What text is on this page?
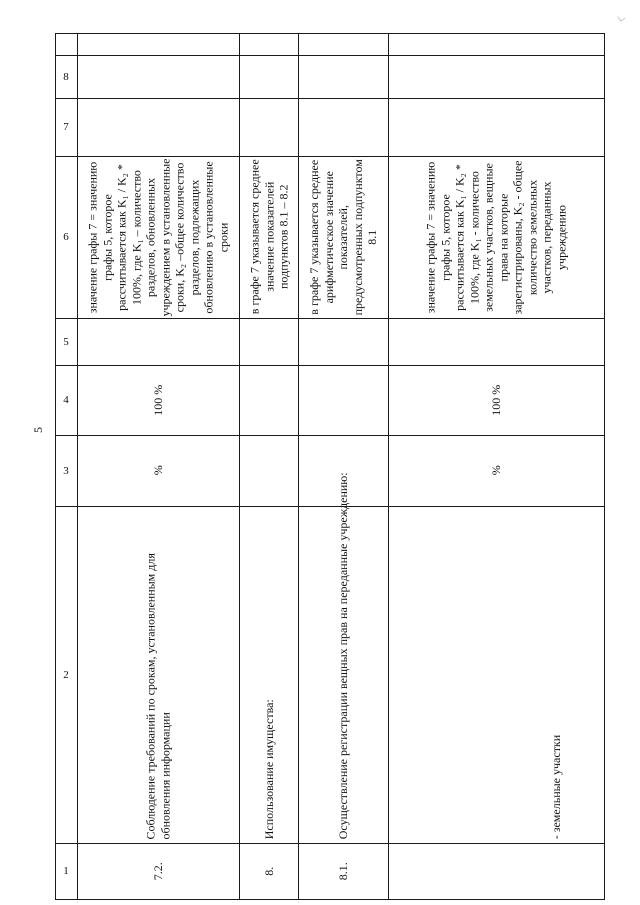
5
1
2
3
4
5
6
7
8
7.2.
Соблюдение требований по срокам, установленным для обновления информации
%
100 %
значение графы 7 = значению графы 5, которое рассчитывается как K₁ / K₂ * 100%, где K₁ – количество разделов, обновленных учреждением в установленные сроки, K₂ –общее количество разделов, подлежащих обновлению в установленные сроки
8.
Использование имущества:
в графе 7 указывается среднее значение показателей подпунктов 8.1 – 8.2
8.1.
Осуществление регистрации вещных прав на переданные учреждению:
в графе 7 указывается среднее арифметическое значение показателей, предусмотренных подпунктом 8.1
- земельные участки
%
100 %
значение графы 7 = значению графы 5, которое рассчитывается как K₁ / K₂ * 100%, где K₁ - количество земельных участков, вещные права на которые зарегистрированы, K₂ - общее количество земельных участков, переданных учреждению
